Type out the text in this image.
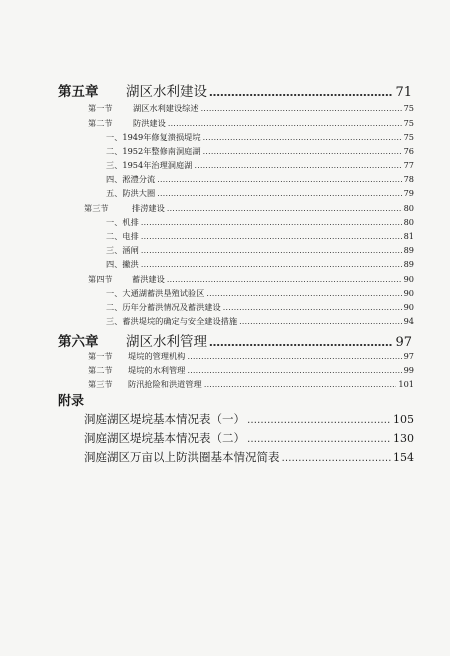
第五章	湖区水利建设 ……………………………………………………………………………………………………………………………………………………………………………………	71
第一节	湖区水利建设综述 ……………………………………………………………………………………………………………………………………………………………………………………	75
第二节	防洪建设 ……………………………………………………………………………………………………………………………………………………………………………………	75
一、1949年修复溃损堤垸 ……………………………………………………………………………………………………………………………………………………………………………………	75
二、1952年整修南洞庭湖 ……………………………………………………………………………………………………………………………………………………………………………………	76
三、1954年治理洞庭湖 ……………………………………………………………………………………………………………………………………………………………………………………	77
四、淞澧分流 ……………………………………………………………………………………………………………………………………………………………………………………	78
五、防洪大圈 ……………………………………………………………………………………………………………………………………………………………………………………	79
第三节	排涝建设 ……………………………………………………………………………………………………………………………………………………………………………………	80
一、机排 ……………………………………………………………………………………………………………………………………………………………………………………	80
二、电排 ……………………………………………………………………………………………………………………………………………………………………………………	81
三、涵闸 ……………………………………………………………………………………………………………………………………………………………………………………	89
四、撇洪 ……………………………………………………………………………………………………………………………………………………………………………………	89
第四节	蓄洪建设 ……………………………………………………………………………………………………………………………………………………………………………………	90
一、大通湖蓄洪垦殖试验区 ……………………………………………………………………………………………………………………………………………………………………………………	90
二、历年分蓄洪情况及蓄洪建设 ……………………………………………………………………………………………………………………………………………………………………………………	90
三、蓄洪堤垸的确定与安全建设措施 ……………………………………………………………………………………………………………………………………………………………………………………	94
第六章	湖区水利管理 ……………………………………………………………………………………………………………………………………………………………………………………	97
第一节	堤垸的管理机构 ……………………………………………………………………………………………………………………………………………………………………………………	97
第二节	堤垸的水利管理 ……………………………………………………………………………………………………………………………………………………………………………………	99
第三节	防汛抢险和洪道管理 ……………………………………………………………………………………………………………………………………………………………………………………	101
附录
洞庭湖区堤垸基本情况表（一） ……………………………………………………………………………………………………………………………………………………………………………………	105
洞庭湖区堤垸基本情况表（二） ……………………………………………………………………………………………………………………………………………………………………………………	130
洞庭湖区万亩以上防洪圈基本情况简表 ……………………………………………………………………………………………………………………………………………………………………………………	154
